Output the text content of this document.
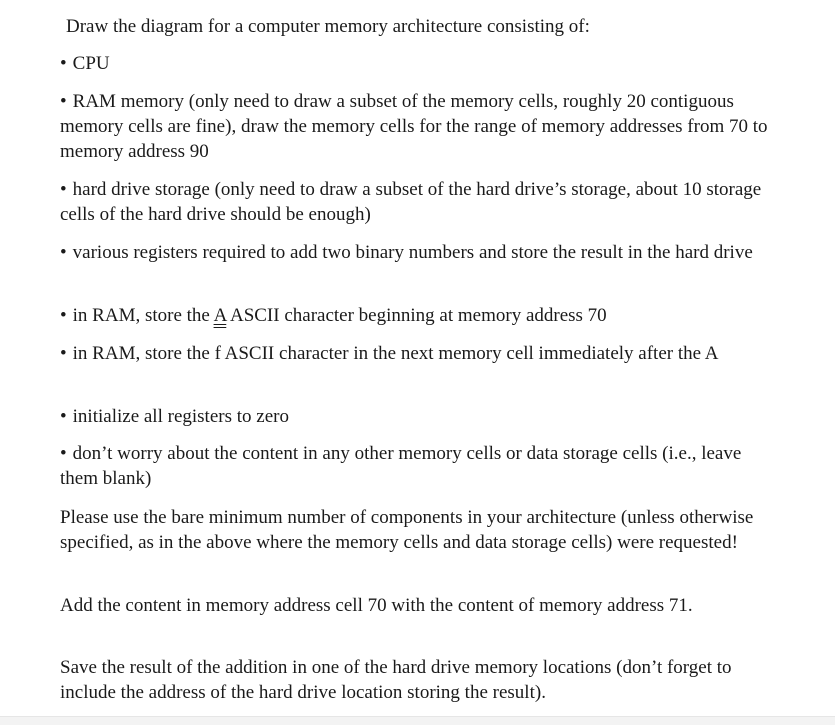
Draw the diagram for a computer memory architecture consisting of:

• CPU

• RAM memory (only need to draw a subset of the memory cells, roughly 20 contiguous memory cells are fine), draw the memory cells for the range of memory addresses from 70 to memory address 90

• hard drive storage (only need to draw a subset of the hard drive’s storage, about 10 storage cells of the hard drive should be enough)

• various registers required to add two binary numbers and store the result in the hard drive

• in RAM, store the A ASCII character beginning at memory address 70

• in RAM, store the f ASCII character in the next memory cell immediately after the A

• initialize all registers to zero

• don’t worry about the content in any other memory cells or data storage cells (i.e., leave them blank)

Please use the bare minimum number of components in your architecture (unless otherwise specified, as in the above where the memory cells and data storage cells) were requested!

Add the content in memory address cell 70 with the content of memory address 71.

Save the result of the addition in one of the hard drive memory locations (don’t forget to include the address of the hard drive location storing the result).
